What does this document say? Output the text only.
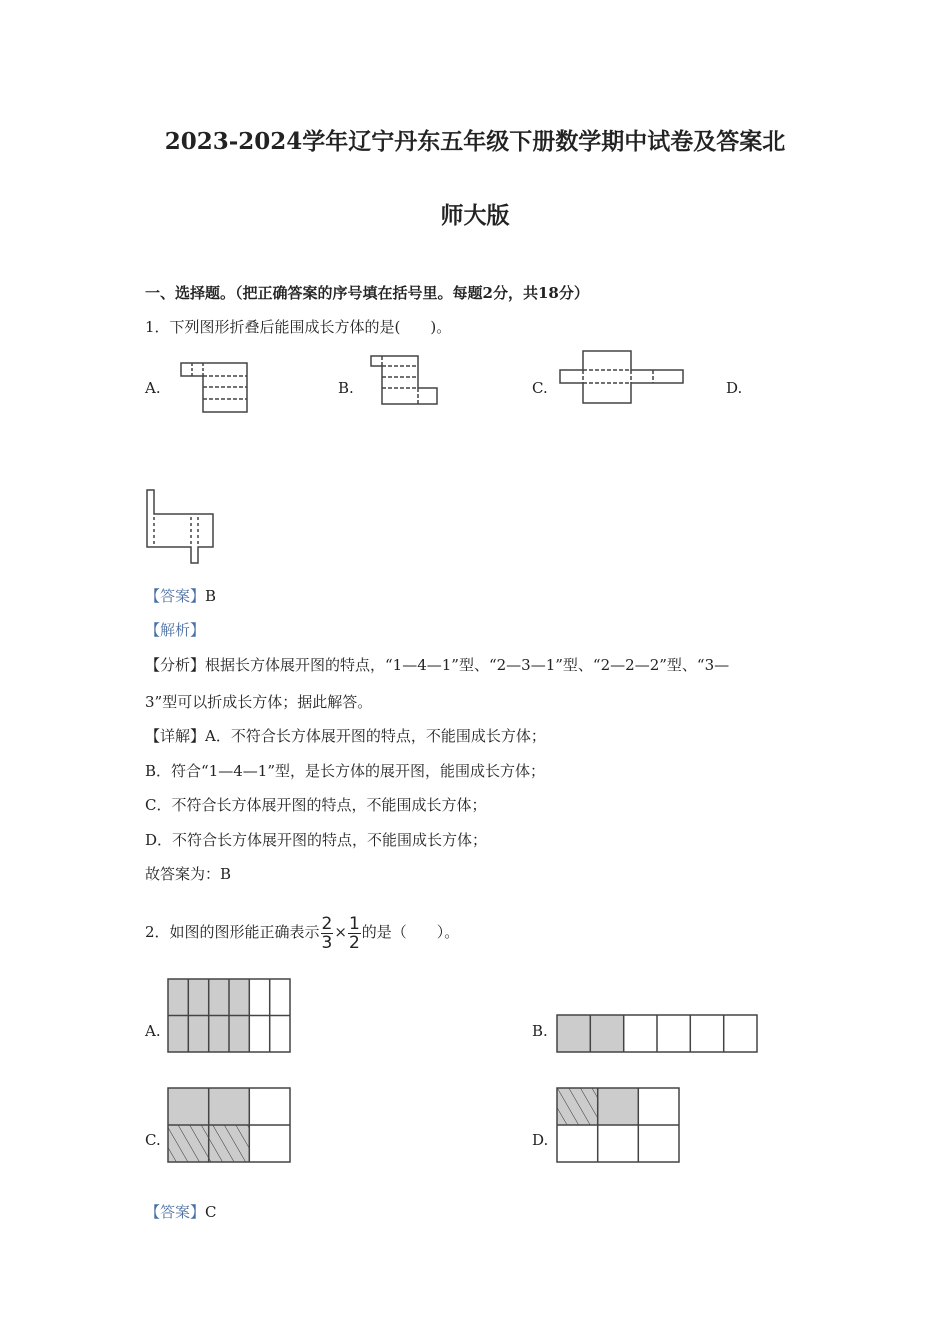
2023-2024学年辽宁丹东五年级下册数学期中试卷及答案北
师大版
一、选择题。（把正确答案的序号填在括号里。每题2分，共18分）
1．下列图形折叠后能围成长方体的是(　　)。
A.	B.	C.	D.
【答案】B
【解析】
【分析】根据长方体展开图的特点，“1—4—1”型、“2—3—1”型、“2—2—2”型、“3—
3”型可以折成长方体；据此解答。
【详解】A．不符合长方体展开图的特点，不能围成长方体；
B．符合“1—4—1”型，是长方体的展开图，能围成长方体；
C．不符合长方体展开图的特点，不能围成长方体；
D．不符合长方体展开图的特点，不能围成长方体；
故答案为：B
2．如图的图形能正确表示 $\frac{2}{3} \times \frac{1}{2}$ 的是（　　）。
A.	B.
C.	D.
【答案】C
